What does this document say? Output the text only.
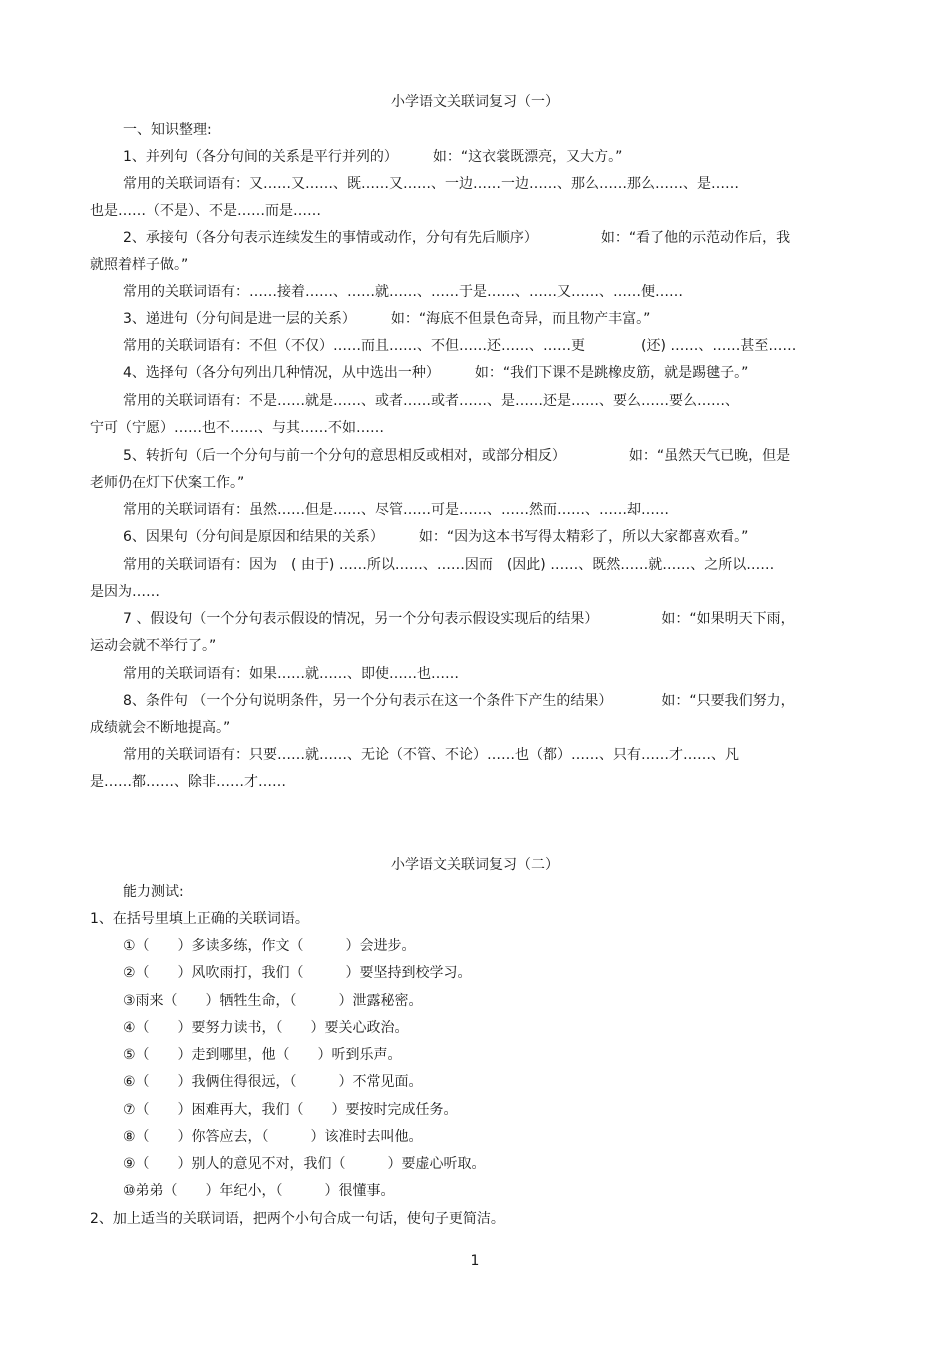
小学语文关联词复习（一）
一、知识整理:
1、并列句（各分句间的关系是平行并列的）　　　如：“这衣裳既漂亮，又大方。”
常用的关联词语有：又……又……、既……又……、一边……一边……、那么……那么……、是……
也是……（不是）、不是……而是……
2、承接句（各分句表示连续发生的事情或动作，分句有先后顺序）　　　　　如：“看了他的示范动作后，我
就照着样子做。”
常用的关联词语有：……接着……、……就……、……于是……、……又……、……便……
3、递进句（分句间是进一层的关系）　　　如：“海底不但景色奇异，而且物产丰富。”
常用的关联词语有：不但（不仅）……而且……、不但……还……、……更　　　　(还) ……、……甚至……
4、选择句（各分句列出几种情况，从中选出一种）　　　如：“我们下课不是跳橡皮筋，就是踢毽子。”
常用的关联词语有：不是……就是……、或者……或者……、是……还是……、要么……要么……、
宁可（宁愿）……也不……、与其……不如……
5、转折句（后一个分句与前一个分句的意思相反或相对，或部分相反）　　　　　如：“虽然天气已晚，但是
老师仍在灯下伏案工作。”
常用的关联词语有：虽然……但是……、尽管……可是……、……然而……、……却……
6、因果句（分句间是原因和结果的关系）　　　如：“因为这本书写得太精彩了，所以大家都喜欢看。”
常用的关联词语有：因为　( 由于) ……所以……、……因而　(因此) ……、既然……就……、之所以……
是因为……
7 、假设句（一个分句表示假设的情况，另一个分句表示假设实现后的结果）　　　　　如：“如果明天下雨，
运动会就不举行了。”
常用的关联词语有：如果……就……、即使……也……
8、条件句 （一个分句说明条件，另一个分句表示在这一个条件下产生的结果）　　　　如：“只要我们努力，
成绩就会不断地提高。”
常用的关联词语有：只要……就……、无论（不管、不论）……也（都）……、只有……才……、凡
是……都……、除非……才……
小学语文关联词复习（二）
能力测试:
1、在括号里填上正确的关联词语。
①（　　）多读多练，作文（　　　）会进步。
②（　　）风吹雨打，我们（　　　）要坚持到校学习。
③雨来（　　）牺牲生命，（　　　）泄露秘密。
④（　　）要努力读书，（　　）要关心政治。
⑤（　　）走到哪里，他（　　）听到乐声。
⑥（　　）我俩住得很远，（　　　）不常见面。
⑦（　　）困难再大，我们（　　）要按时完成任务。
⑧（　　）你答应去，（　　　）该准时去叫他。
⑨（　　）别人的意见不对，我们（　　　）要虚心听取。
⑩弟弟（　　）年纪小，（　　　）很懂事。
2、加上适当的关联词语，把两个小句合成一句话，使句子更简洁。
1
